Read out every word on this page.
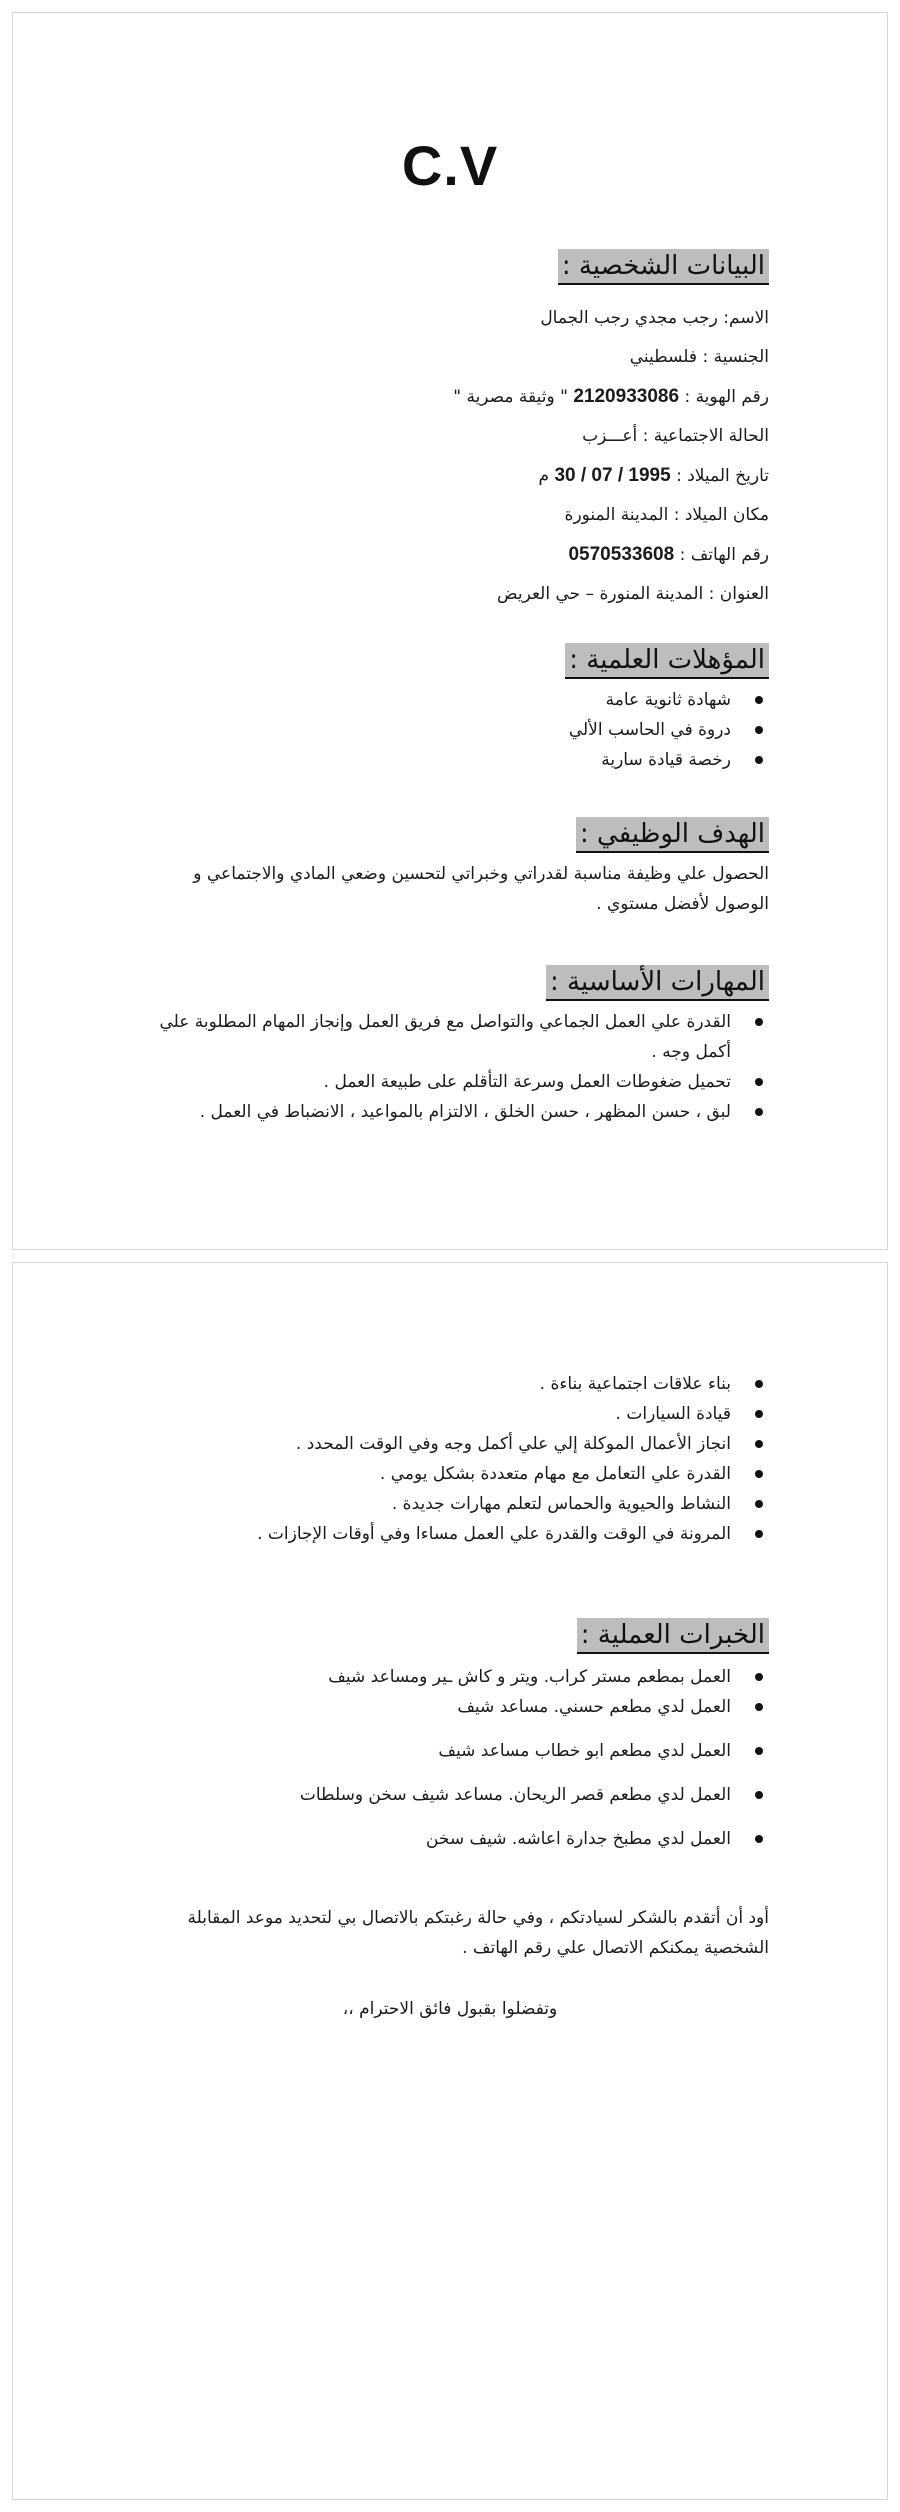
C.V
البيانات الشخصية :
الاسم: رجب مجدي رجب الجمال
الجنسية : فلسطيني
رقم الهوية : 2120933086 " وثيقة مصرية "
الحالة الاجتماعية : أعـــزب
تاريخ الميلاد : 30 / 07 / 1995 م
مكان الميلاد : المدينة المنورة
رقم الهاتف : 0570533608
العنوان : المدينة المنورة – حي العريض
المؤهلات العلمية :
شهادة ثانوية عامة
دروة في الحاسب الألي
رخصة قيادة سارية
الهدف الوظيفي :
الحصول علي وظيفة مناسبة لقدراتي وخبراتي لتحسين وضعي المادي والاجتماعي و
الوصول لأفضل مستوي .
المهارات الأساسية :
القدرة علي العمل الجماعي والتواصل مع فريق العمل وإنجاز المهام المطلوبة علي أكمل وجه .
تحميل ضغوطات العمل وسرعة التأقلم على طبيعة العمل .
لبق ، حسن المظهر ، حسن الخلق ، الالتزام بالمواعيد ، الانضباط في العمل .
بناء علاقات اجتماعية بناءة .
قيادة السيارات .
انجاز الأعمال الموكلة إلي علي أكمل وجه وفي الوقت المحدد .
القدرة علي التعامل مع مهام متعددة بشكل يومي .
النشاط والحيوية والحماس لتعلم مهارات جديدة .
المرونة في الوقت والقدرة علي العمل مساءا وفي أوقات الإجازات .
الخبرات العملية :
العمل بمطعم مستر كراب. ويتر و كاش ـير ومساعد شيف
العمل لدي مطعم حسني. مساعد شيف
العمل لدي مطعم ابو خطاب مساعد شيف
العمل لدي مطعم قصر الريحان. مساعد شيف سخن وسلطات
العمل لدي مطبخ جدارة اعاشه. شيف سخن
أود أن أتقدم بالشكر لسيادتكم ، وفي حالة رغبتكم بالاتصال بي لتحديد موعد المقابلة
الشخصية يمكنكم الاتصال علي رقم الهاتف .
وتفضلوا بقبول فائق الاحترام ،،
